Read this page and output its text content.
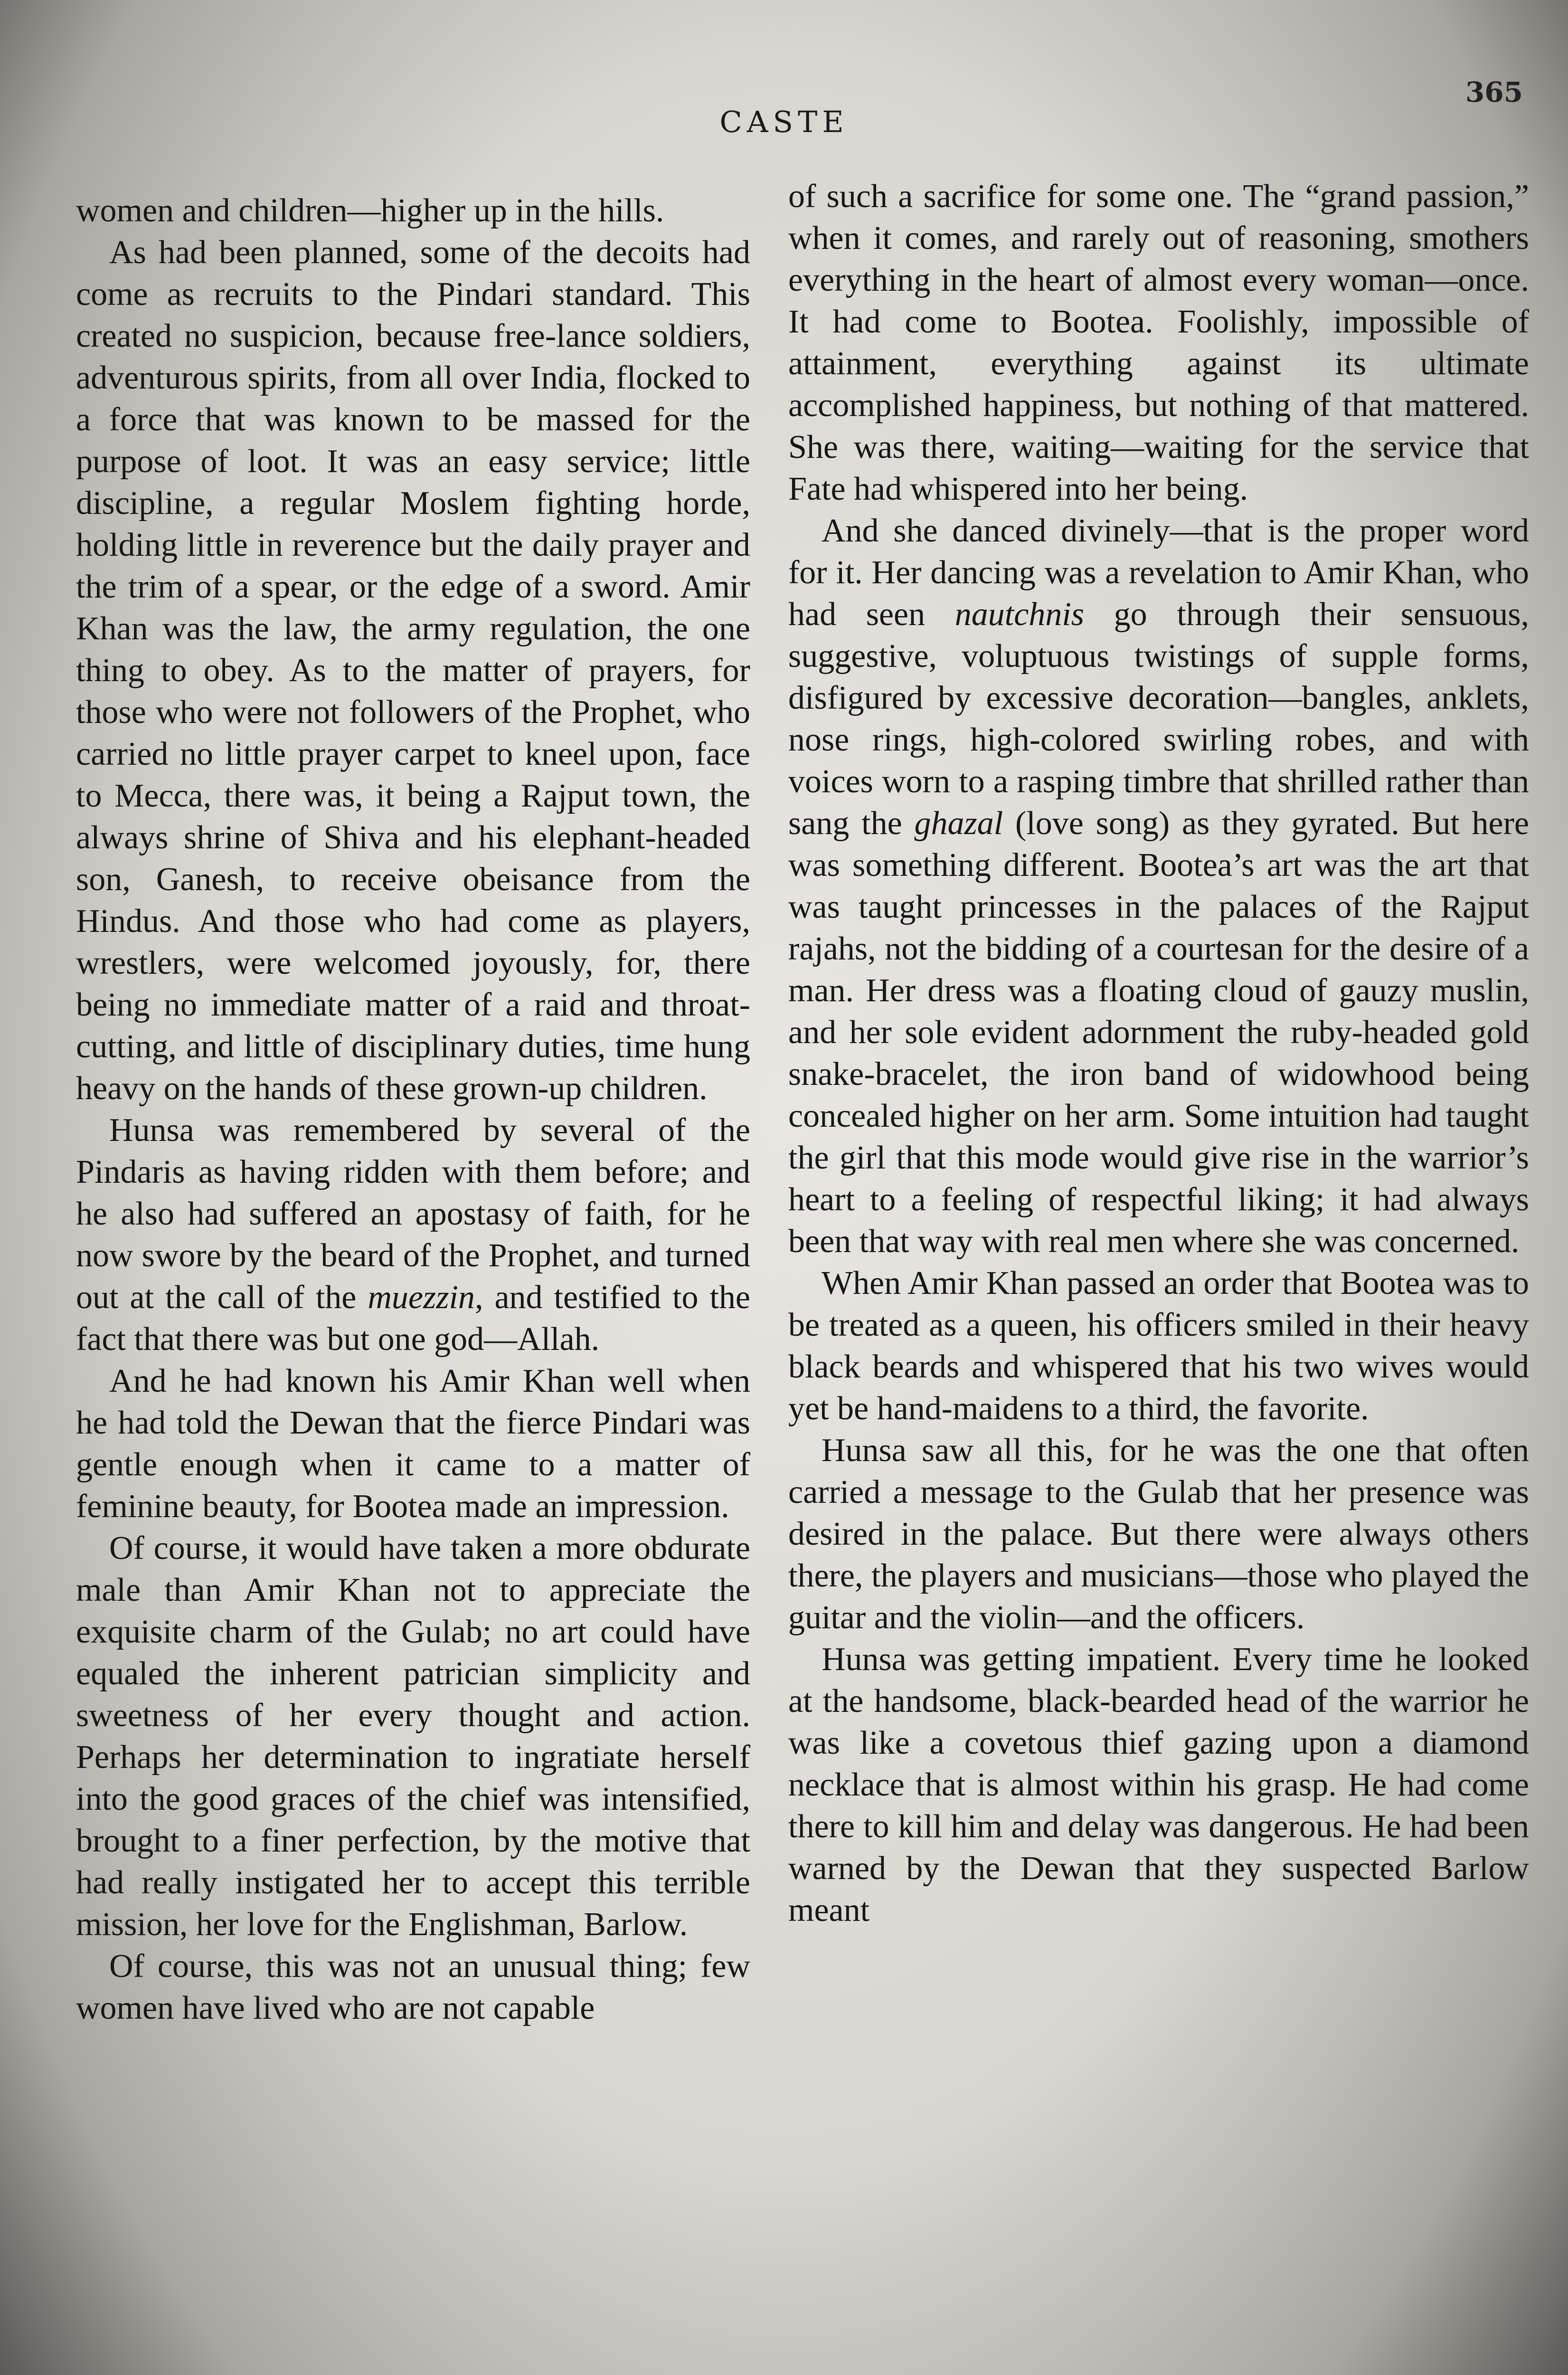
CASTE
365

women and children—higher up in the hills.

As had been planned, some of the decoits had come as recruits to the Pindari standard. This created no suspicion, because free-lance soldiers, adventurous spirits, from all over India, flocked to a force that was known to be massed for the purpose of loot. It was an easy service; little discipline, a regular Moslem fighting horde, holding little in reverence but the daily prayer and the trim of a spear, or the edge of a sword. Amir Khan was the law, the army regulation, the one thing to obey. As to the matter of prayers, for those who were not followers of the Prophet, who carried no little prayer carpet to kneel upon, face to Mecca, there was, it being a Rajput town, the always shrine of Shiva and his elephant-headed son, Ganesh, to receive obeisance from the Hindus. And those who had come as players, wrestlers, were welcomed joyously, for, there being no immediate matter of a raid and throat-cutting, and little of disciplinary duties, time hung heavy on the hands of these grown-up children.

Hunsa was remembered by several of the Pindaris as having ridden with them before; and he also had suffered an apostasy of faith, for he now swore by the beard of the Prophet, and turned out at the call of the muezzin, and testified to the fact that there was but one god—Allah.

And he had known his Amir Khan well when he had told the Dewan that the fierce Pindari was gentle enough when it came to a matter of feminine beauty, for Bootea made an impression.

Of course, it would have taken a more obdurate male than Amir Khan not to appreciate the exquisite charm of the Gulab; no art could have equaled the inherent patrician simplicity and sweetness of her every thought and action. Perhaps her determination to ingratiate herself into the good graces of the chief was intensified, brought to a finer perfection, by the motive that had really instigated her to accept this terrible mission, her love for the Englishman, Barlow.

Of course, this was not an unusual thing; few women have lived who are not capable

of such a sacrifice for some one. The “grand passion,” when it comes, and rarely out of reasoning, smothers everything in the heart of almost every woman—once. It had come to Bootea. Foolishly, impossible of attainment, everything against its ultimate accomplished happiness, but nothing of that mattered. She was there, waiting—waiting for the service that Fate had whispered into her being.

And she danced divinely—that is the proper word for it. Her dancing was a revelation to Amir Khan, who had seen nautchnis go through their sensuous, suggestive, voluptuous twistings of supple forms, disfigured by excessive decoration—bangles, anklets, nose rings, high-colored swirling robes, and with voices worn to a rasping timbre that shrilled rather than sang the ghazal (love song) as they gyrated. But here was something different. Bootea’s art was the art that was taught princesses in the palaces of the Rajput rajahs, not the bidding of a courtesan for the desire of a man. Her dress was a floating cloud of gauzy muslin, and her sole evident adornment the ruby-headed gold snake-bracelet, the iron band of widowhood being concealed higher on her arm. Some intuition had taught the girl that this mode would give rise in the warrior’s heart to a feeling of respectful liking; it had always been that way with real men where she was concerned.

When Amir Khan passed an order that Bootea was to be treated as a queen, his officers smiled in their heavy black beards and whispered that his two wives would yet be hand-maidens to a third, the favorite.

Hunsa saw all this, for he was the one that often carried a message to the Gulab that her presence was desired in the palace. But there were always others there, the players and musicians—those who played the guitar and the violin—and the officers.

Hunsa was getting impatient. Every time he looked at the handsome, black-bearded head of the warrior he was like a covetous thief gazing upon a diamond necklace that is almost within his grasp. He had come there to kill him and delay was dangerous. He had been warned by the Dewan that they suspected Barlow meant
